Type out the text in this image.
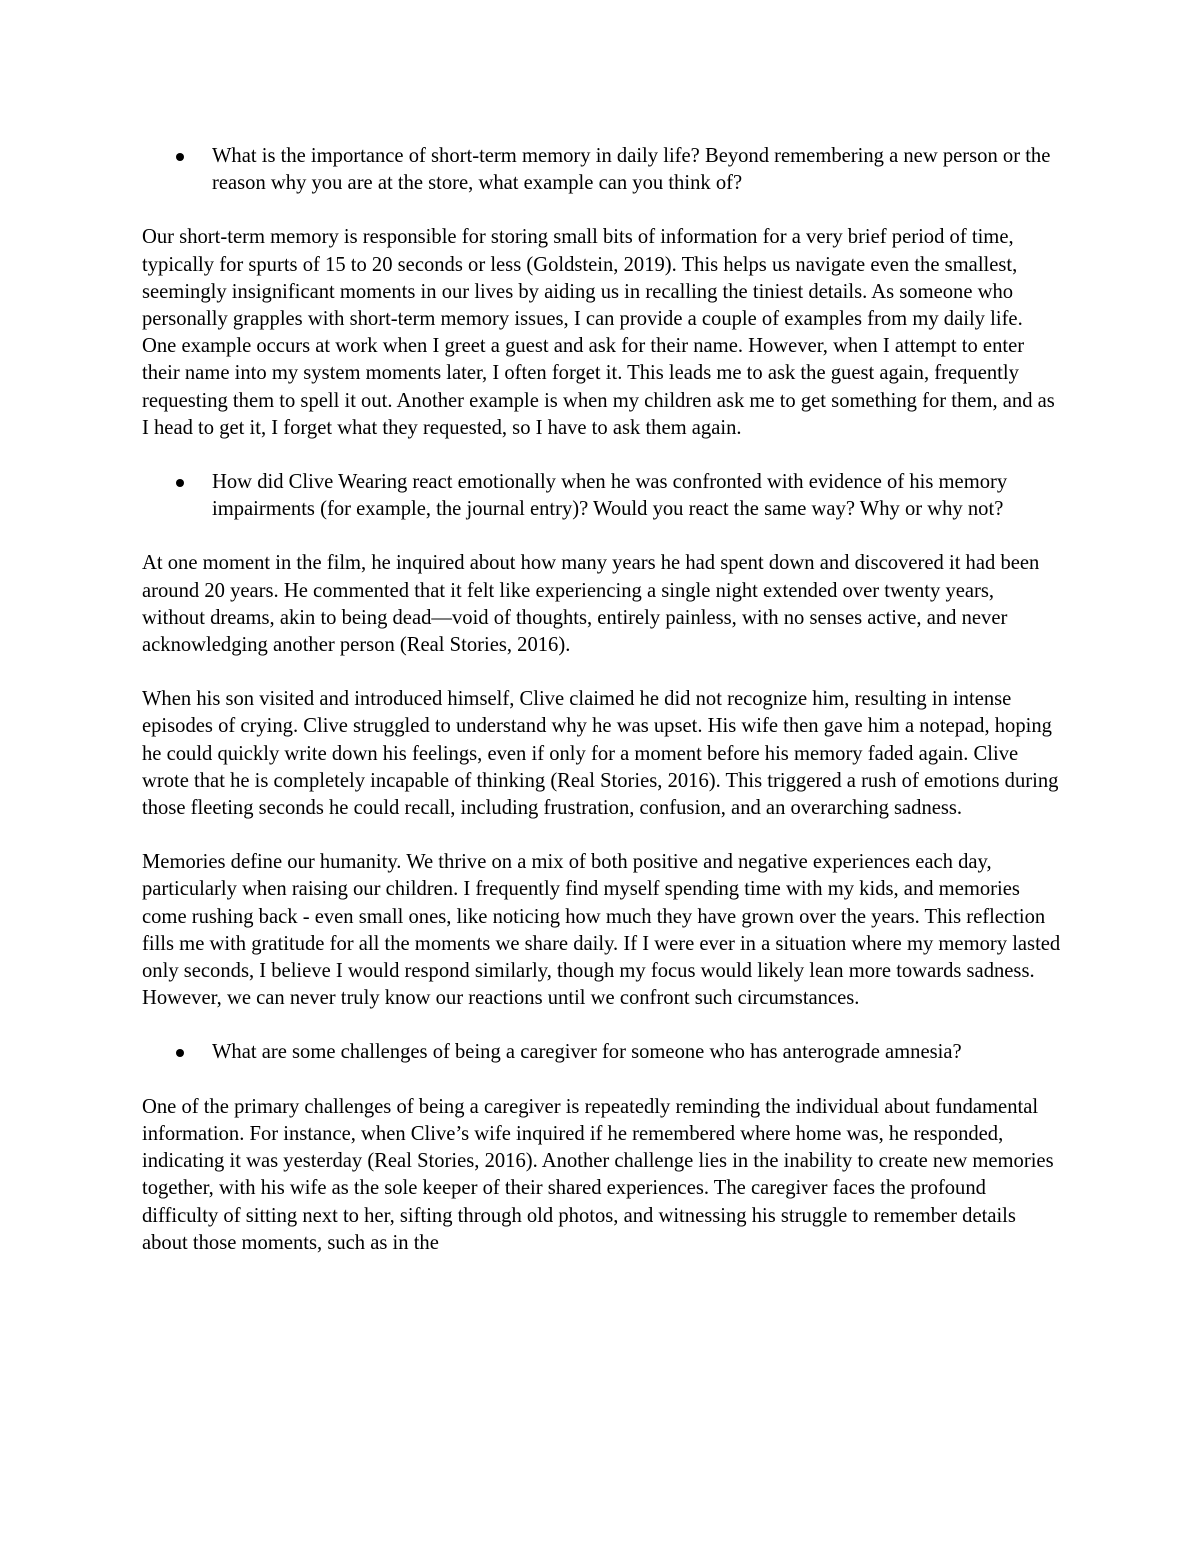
What is the importance of short-term memory in daily life? Beyond remembering a new person or the reason why you are at the store, what example can you think of?

Our short-term memory is responsible for storing small bits of information for a very brief period of time, typically for spurts of 15 to 20 seconds or less (Goldstein, 2019). This helps us navigate even the smallest, seemingly insignificant moments in our lives by aiding us in recalling the tiniest details. As someone who personally grapples with short-term memory issues, I can provide a couple of examples from my daily life. One example occurs at work when I greet a guest and ask for their name. However, when I attempt to enter their name into my system moments later, I often forget it. This leads me to ask the guest again, frequently requesting them to spell it out. Another example is when my children ask me to get something for them, and as I head to get it, I forget what they requested, so I have to ask them again.

How did Clive Wearing react emotionally when he was confronted with evidence of his memory impairments (for example, the journal entry)? Would you react the same way? Why or why not?

At one moment in the film, he inquired about how many years he had spent down and discovered it had been around 20 years. He commented that it felt like experiencing a single night extended over twenty years, without dreams, akin to being dead—void of thoughts, entirely painless, with no senses active, and never acknowledging another person (Real Stories, 2016).

When his son visited and introduced himself, Clive claimed he did not recognize him, resulting in intense episodes of crying. Clive struggled to understand why he was upset. His wife then gave him a notepad, hoping he could quickly write down his feelings, even if only for a moment before his memory faded again. Clive wrote that he is completely incapable of thinking (Real Stories, 2016). This triggered a rush of emotions during those fleeting seconds he could recall, including frustration, confusion, and an overarching sadness.

Memories define our humanity. We thrive on a mix of both positive and negative experiences each day, particularly when raising our children. I frequently find myself spending time with my kids, and memories come rushing back - even small ones, like noticing how much they have grown over the years. This reflection fills me with gratitude for all the moments we share daily. If I were ever in a situation where my memory lasted only seconds, I believe I would respond similarly, though my focus would likely lean more towards sadness. However, we can never truly know our reactions until we confront such circumstances.

What are some challenges of being a caregiver for someone who has anterograde amnesia?

One of the primary challenges of being a caregiver is repeatedly reminding the individual about fundamental information. For instance, when Clive’s wife inquired if he remembered where home was, he responded, indicating it was yesterday (Real Stories, 2016). Another challenge lies in the inability to create new memories together, with his wife as the sole keeper of their shared experiences. The caregiver faces the profound difficulty of sitting next to her, sifting through old photos, and witnessing his struggle to remember details about those moments, such as in the
